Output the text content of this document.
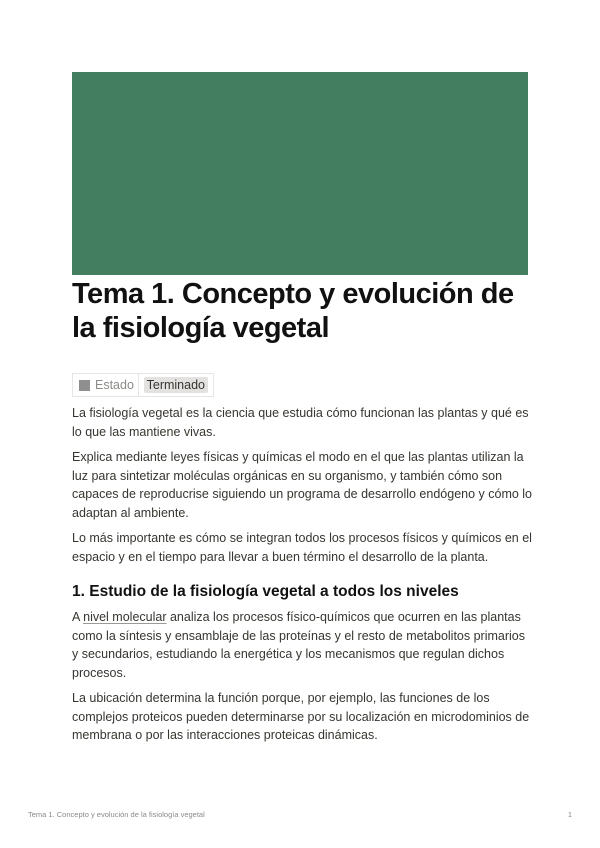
Tema 1. Concepto y evolución de la fisiología vegetal
Estado Terminado

La fisiología vegetal es la ciencia que estudia cómo funcionan las plantas y qué es lo que las mantiene vivas.

Explica mediante leyes físicas y químicas el modo en el que las plantas utilizan la luz para sintetizar moléculas orgánicas en su organismo, y también cómo son capaces de reproducrise siguiendo un programa de desarrollo endógeno y cómo lo adaptan al ambiente.

Lo más importante es cómo se integran todos los procesos físicos y químicos en el espacio y en el tiempo para llevar a buen término el desarrollo de la planta.

1. Estudio de la fisiología vegetal a todos los niveles

A nivel molecular analiza los procesos físico-químicos que ocurren en las plantas como la síntesis y ensamblaje de las proteínas y el resto de metabolitos primarios y secundarios, estudiando la energética y los mecanismos que regulan dichos procesos.

La ubicación determina la función porque, por ejemplo, las funciones de los complejos proteicos pueden determinarse por su localización en microdominios de membrana o por las interacciones proteicas dinámicas.

Tema 1. Concepto y evolución de la fisiología vegetal	1
